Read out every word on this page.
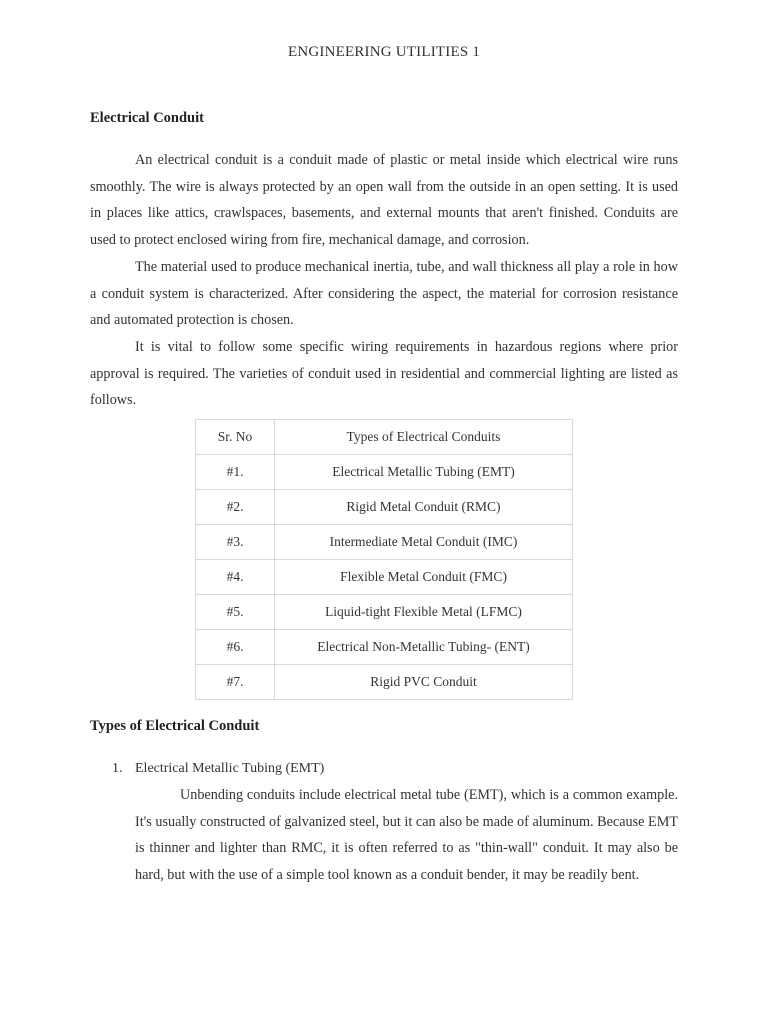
ENGINEERING UTILITIES 1
Electrical Conduit

An electrical conduit is a conduit made of plastic or metal inside which electrical wire runs smoothly. The wire is always protected by an open wall from the outside in an open setting. It is used in places like attics, crawlspaces, basements, and external mounts that aren't finished. Conduits are used to protect enclosed wiring from fire, mechanical damage, and corrosion.

The material used to produce mechanical inertia, tube, and wall thickness all play a role in how a conduit system is characterized. After considering the aspect, the material for corrosion resistance and automated protection is chosen.

It is vital to follow some specific wiring requirements in hazardous regions where prior approval is required. The varieties of conduit used in residential and commercial lighting are listed as follows.

Sr. No	Types of Electrical Conduits
#1.	Electrical Metallic Tubing (EMT)
#2.	Rigid Metal Conduit (RMC)
#3.	Intermediate Metal Conduit (IMC)
#4.	Flexible Metal Conduit (FMC)
#5.	Liquid-tight Flexible Metal (LFMC)
#6.	Electrical Non-Metallic Tubing- (ENT)
#7.	Rigid PVC Conduit
Types of Electrical Conduit
1. Electrical Metallic Tubing (EMT)

Unbending conduits include electrical metal tube (EMT), which is a common example. It's usually constructed of galvanized steel, but it can also be made of aluminum. Because EMT is thinner and lighter than RMC, it is often referred to as "thin-wall" conduit. It may also be hard, but with the use of a simple tool known as a conduit bender, it may be readily bent.
